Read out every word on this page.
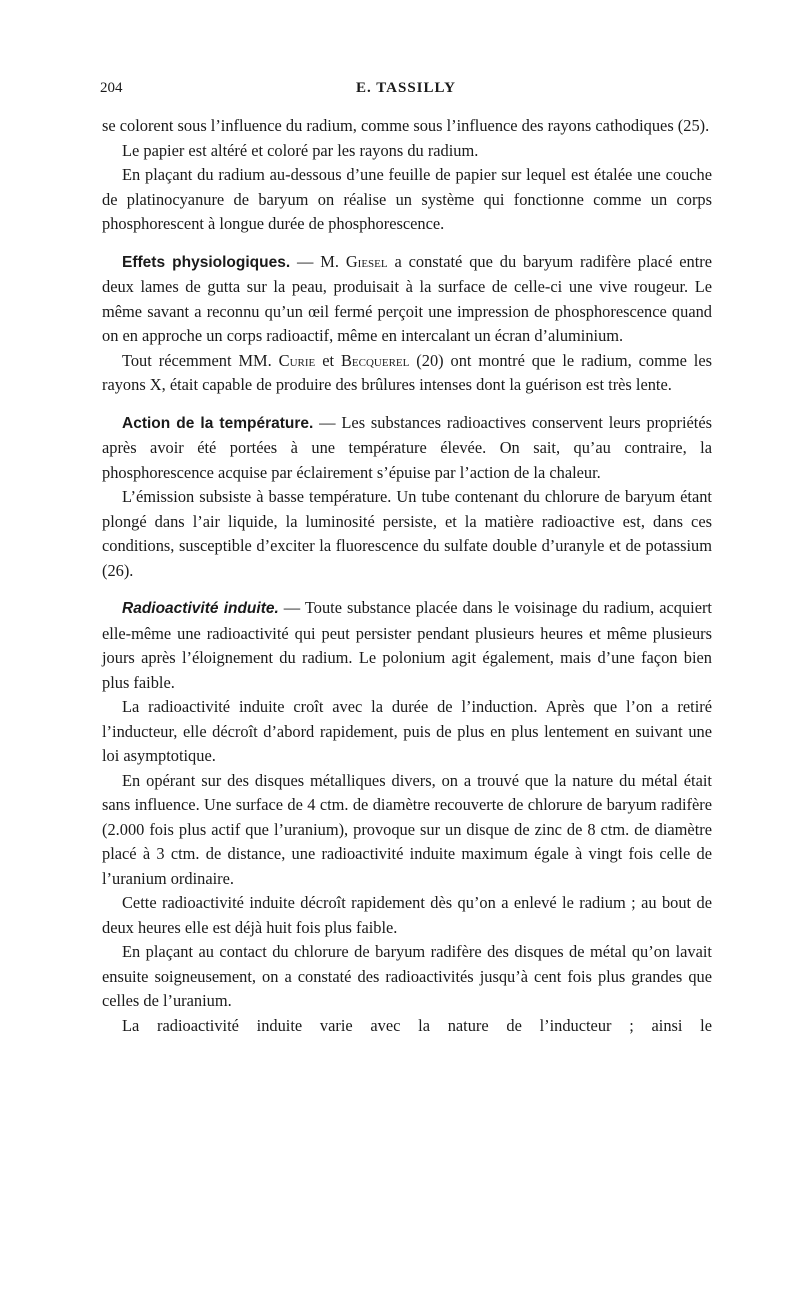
204	E. TASSILLY

se colorent sous l’influence du radium, comme sous l’influence des rayons cathodiques (25).

Le papier est altéré et coloré par les rayons du radium.

En plaçant du radium au-dessous d’une feuille de papier sur lequel est étalée une couche de platinocyanure de baryum on réalise un système qui fonctionne comme un corps phosphorescent à longue durée de phosphorescence.

Effets physiologiques. — M. Giesel a constaté que du baryum radifère placé entre deux lames de gutta sur la peau, produisait à la surface de celle-ci une vive rougeur. Le même savant a reconnu qu’un œil fermé perçoit une impression de phosphorescence quand on en approche un corps radioactif, même en intercalant un écran d’aluminium.

Tout récemment MM. Curie et Becquerel (20) ont montré que le radium, comme les rayons X, était capable de produire des brûlures intenses dont la guérison est très lente.

Action de la température. — Les substances radioactives conservent leurs propriétés après avoir été portées à une température élevée. On sait, qu’au contraire, la phosphorescence acquise par éclairement s’épuise par l’action de la chaleur.

L’émission subsiste à basse température. Un tube contenant du chlorure de baryum étant plongé dans l’air liquide, la luminosité persiste, et la matière radioactive est, dans ces conditions, susceptible d’exciter la fluorescence du sulfate double d’uranyle et de potassium (26).

Radioactivité induite. — Toute substance placée dans le voisinage du radium, acquiert elle-même une radioactivité qui peut persister pendant plusieurs heures et même plusieurs jours après l’éloignement du radium. Le polonium agit également, mais d’une façon bien plus faible.

La radioactivité induite croît avec la durée de l’induction. Après que l’on a retiré l’inducteur, elle décroît d’abord rapidement, puis de plus en plus lentement en suivant une loi asymptotique.

En opérant sur des disques métalliques divers, on a trouvé que la nature du métal était sans influence. Une surface de 4 ctm. de diamètre recouverte de chlorure de baryum radifère (2.000 fois plus actif que l’uranium), provoque sur un disque de zinc de 8 ctm. de diamètre placé à 3 ctm. de distance, une radioactivité induite maximum égale à vingt fois celle de l’uranium ordinaire.

Cette radioactivité induite décroît rapidement dès qu’on a enlevé le radium ; au bout de deux heures elle est déjà huit fois plus faible.

En plaçant au contact du chlorure de baryum radifère des disques de métal qu’on lavait ensuite soigneusement, on a constaté des radioactivités jusqu’à cent fois plus grandes que celles de l’uranium.

La radioactivité induite varie avec la nature de l’inducteur ; ainsi le
